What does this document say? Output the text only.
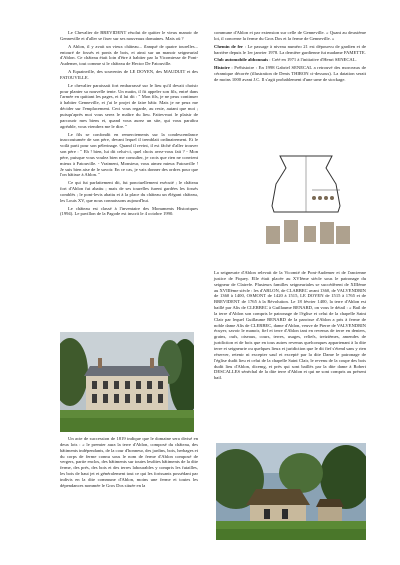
Le Chevalier de BREVIDENT résolut de quitter le vieux manoir de Genneville et d'aller se fixer sur ses nouveaux domaines. Mais où ?

A Ablon, il y avait un vieux château... flanqué de quatre tourelles... entouré de fossés et ponts de bois, et ainsi sur un manoir seigneurial d'Ablon. Ce château était loin d'être à habiter par la Vicomtesse de Pont-Audemer, tout comme si le château de Hector De Fatouville.

A Equainville, des souvenirs de LE DOYEN, des MAUDUIT et des FATOUVILLE.

Le chevalier paraissait fort embarrassé sur le lieu qu'il devait choisir pour planter sa nouvelle tente. Un matin, il fit appeler son fils, entré dans l'armée en quittant les pages, et il lui dit : " Mon fils, je ne peux continuer à habiter Genneville, et j'ai le projet de faire bâtir. Mais je ne peux me décider sur l'emplacement. Ceci vous regarde, au reste, autant que moi ; puisqu'après moi vous serez le maître du lieu. Faites-moi le plaisir de parcourir mes biens et, quand vous aurez un site, qui vous paraîtra agréable, vous viendrez me le dire. "

Le fils se confondit en remerciements sur la condescendance inaccoutumée de son père, devant lequel il tremblait ordinairement. Et le voilà parti pour son pèlerinage. Quand il revint, il est fâché d'aller trouver son père : " Eh ! bien, lui dit celui-ci, quel choix avez-vous fait ? - Mon père, puisque vous voulez bien me consulter, je crois que rien ne convient mieux à Fatouville. - Vraiment, Monsieur, vous aimez mieux Fatouville ! Je suis bien aise de le savoir. En ce cas, je vais donner des ordres pour que l'on bâtisse à Ablon. "

Ce qui fut parfaitement dit, fut ponctuellement exécuté ; le château fort d'Ablon fut abattu ; mais de ses tourelles furent gardées les fossés comblés ; le pont-levis abattu et à la place du château un élégant château, les Louis XV, que nous connaissons aujourd'hui.

Le château est classé à l'inventaire des Monuments Historiques (1994). Le pavillon de la Pagode est inscrit le 4 octobre 1990.

Un acte de succession de 1819 indique que le domaine sera divisé en deux lots : « le premier aura la terre d'Ablon, composé du château, des bâtiments indépendants, de la cour d'honneur, des jardins, bois, herbages et du corps de ferme connu sous le nom de ferme d'Ablon composé de vergers, partie enclos, des bâtiments sur toutes lesdites bâtiments de la dite ferme, des prés, des bois et des terres labourables y compris les futailles, les bois de haut jet et généralement tout ce qui les forissants possédant par indivis en la dite commune d'Ablon, moins une ferme et toutes les dépendances nommée le Gros Dos située en la

commune d'Ablon et par extension sur celle de Genneville. « Quant au deuxième lot, il concerne la ferme du Gros Dos et la ferme de Genneville. »

Chemin de fer : Le passage à niveau numéro 21 est dépourvu de gardien et de barrière depuis le 1er janvier 1978. La dernière gardienne fut madame FAMETTE.

Club automobile abbonnais : Créé en 1971 à l'initiative d'Henri SENECAL.

Histoire : Préhistoire : En 1998 Gabriel SENECAL a retrouvé des morceaux de céramique décorée (illustration de Denis THIRON ci-dessous). La datation serait de moins 1000 avant J.C. Il s'agit probablement d'une urne de stockage.

La seigneurie d'Ablon relevait de la Vicomté de Pont-Audemer et de l'ancienne justice de Fiquey. Elle était placée au XVIème siècle sous le patronage du seigneur de Clairefe. Plusieurs familles seigneuriales se succédèrent de XIIIème au XVIIIème siècle : les d'ABLON, de CLARBEC avant 1360, de VALVENDRIN de 1360 à 1400, OSMONT de 1420 à 1515, LE DOYEN de 1515 à 1765 et de BREVIDENT de 1765 à la Révolution. Le 18 février 1400, la terre d'Ablon est baillé par Alis de CLERBEC à Guillaume BENARD, on vous le détail : « Bail de la terre d'Ablon son compris le patronage de l'église et celui de la chapelle Saint Clair par lequel Guillaume BENARD de la paroisse d'Ablon a pris à ferme de noble dame Alis de CLERBEC, dame d'Ablon, veuve de Pierre de VALVENDRIN écuyer, savoir le manoir, fief et terre d'Ablon tant en revenus de terre en deniers, grains, oufs, oiseaux, cours, terres, usages, reliefs, treizièmes, amendes de juridiction et de bois que en tous autres revenus quelconques appartenant à la dite terre et seigneurie ou quelques lieux et juridiction que le dit fief s'étend sans y rien réserver, retenir ni excepter sauf et excepté par la dite Dame le patronage de l'église dudit lieu et celui de la chapelle Saint Clair, le revenu de la coupe des bois dudit lieu d'Ablon, dicemg, et près qui sont baillés par la dite dame à Robert DESCALLES sénéchal de la dite terre d'Ablon et qui ne sont compris au présent bail.
